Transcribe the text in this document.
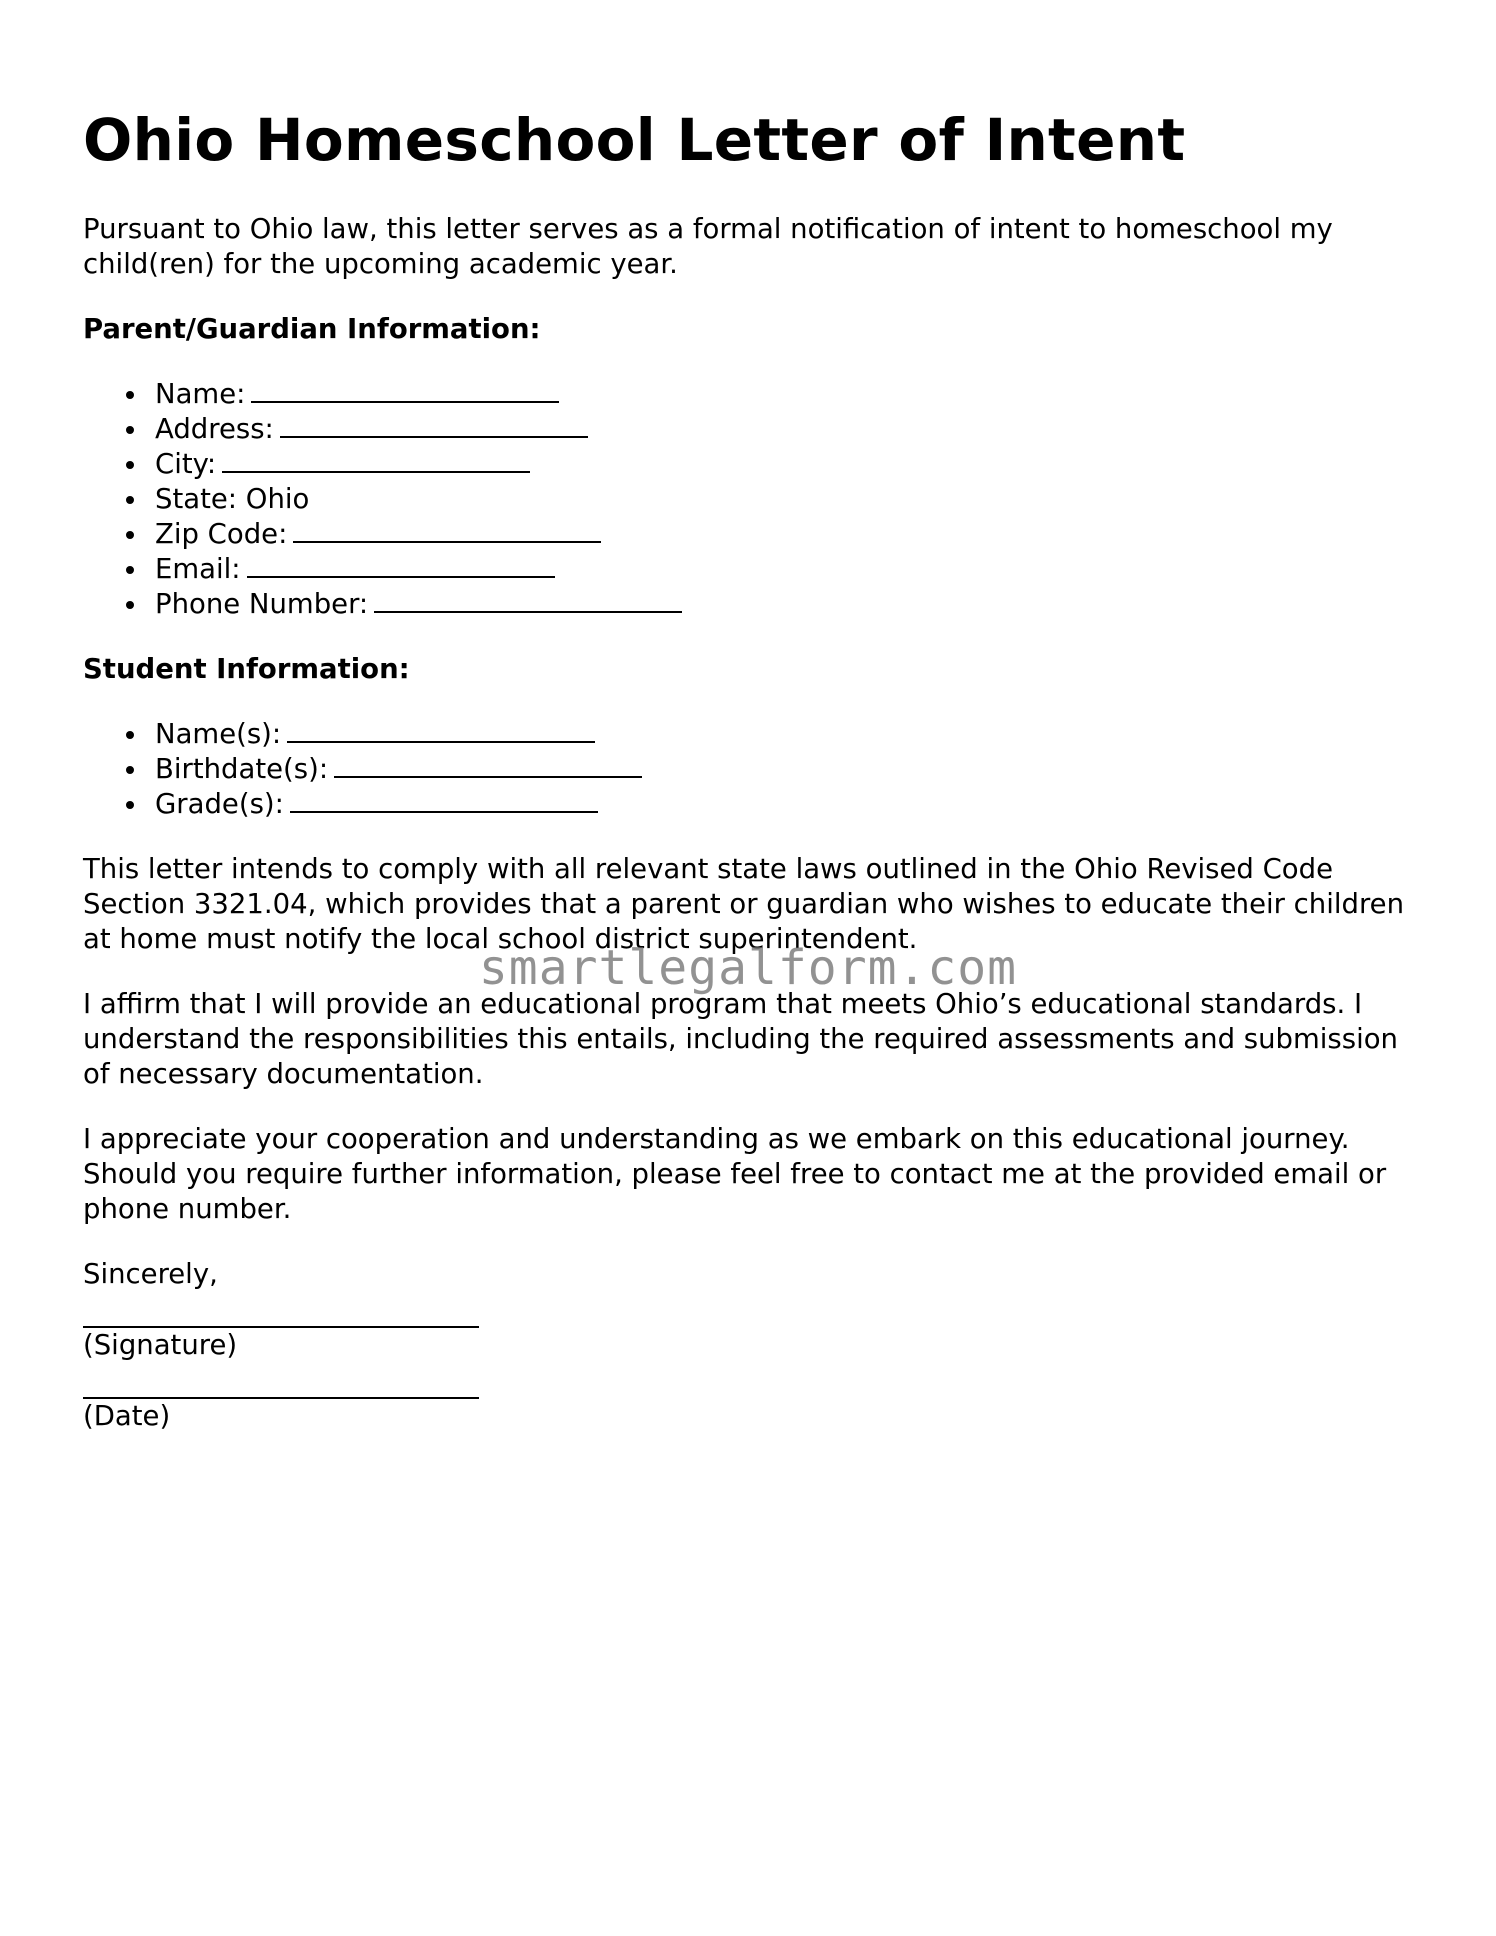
Ohio Homeschool Letter of Intent

Pursuant to Ohio law, this letter serves as a formal notification of intent to homeschool my child(ren) for the upcoming academic year.

Parent/Guardian Information:
Name:
Address:
City:
State: Ohio
Zip Code:
Email:
Phone Number:
Student Information:
Name(s):
Birthdate(s):
Grade(s):

This letter intends to comply with all relevant state laws outlined in the Ohio Revised Code Section 3321.04, which provides that a parent or guardian who wishes to educate their children at home must notify the local school district superintendent.

I affirm that I will provide an educational program that meets Ohio’s educational standards. I understand the responsibilities this entails, including the required assessments and submission of necessary documentation.

I appreciate your cooperation and understanding as we embark on this educational journey. Should you require further information, please feel free to contact me at the provided email or phone number.

Sincerely,

(Signature)
(Date)
smartlegalform.com
